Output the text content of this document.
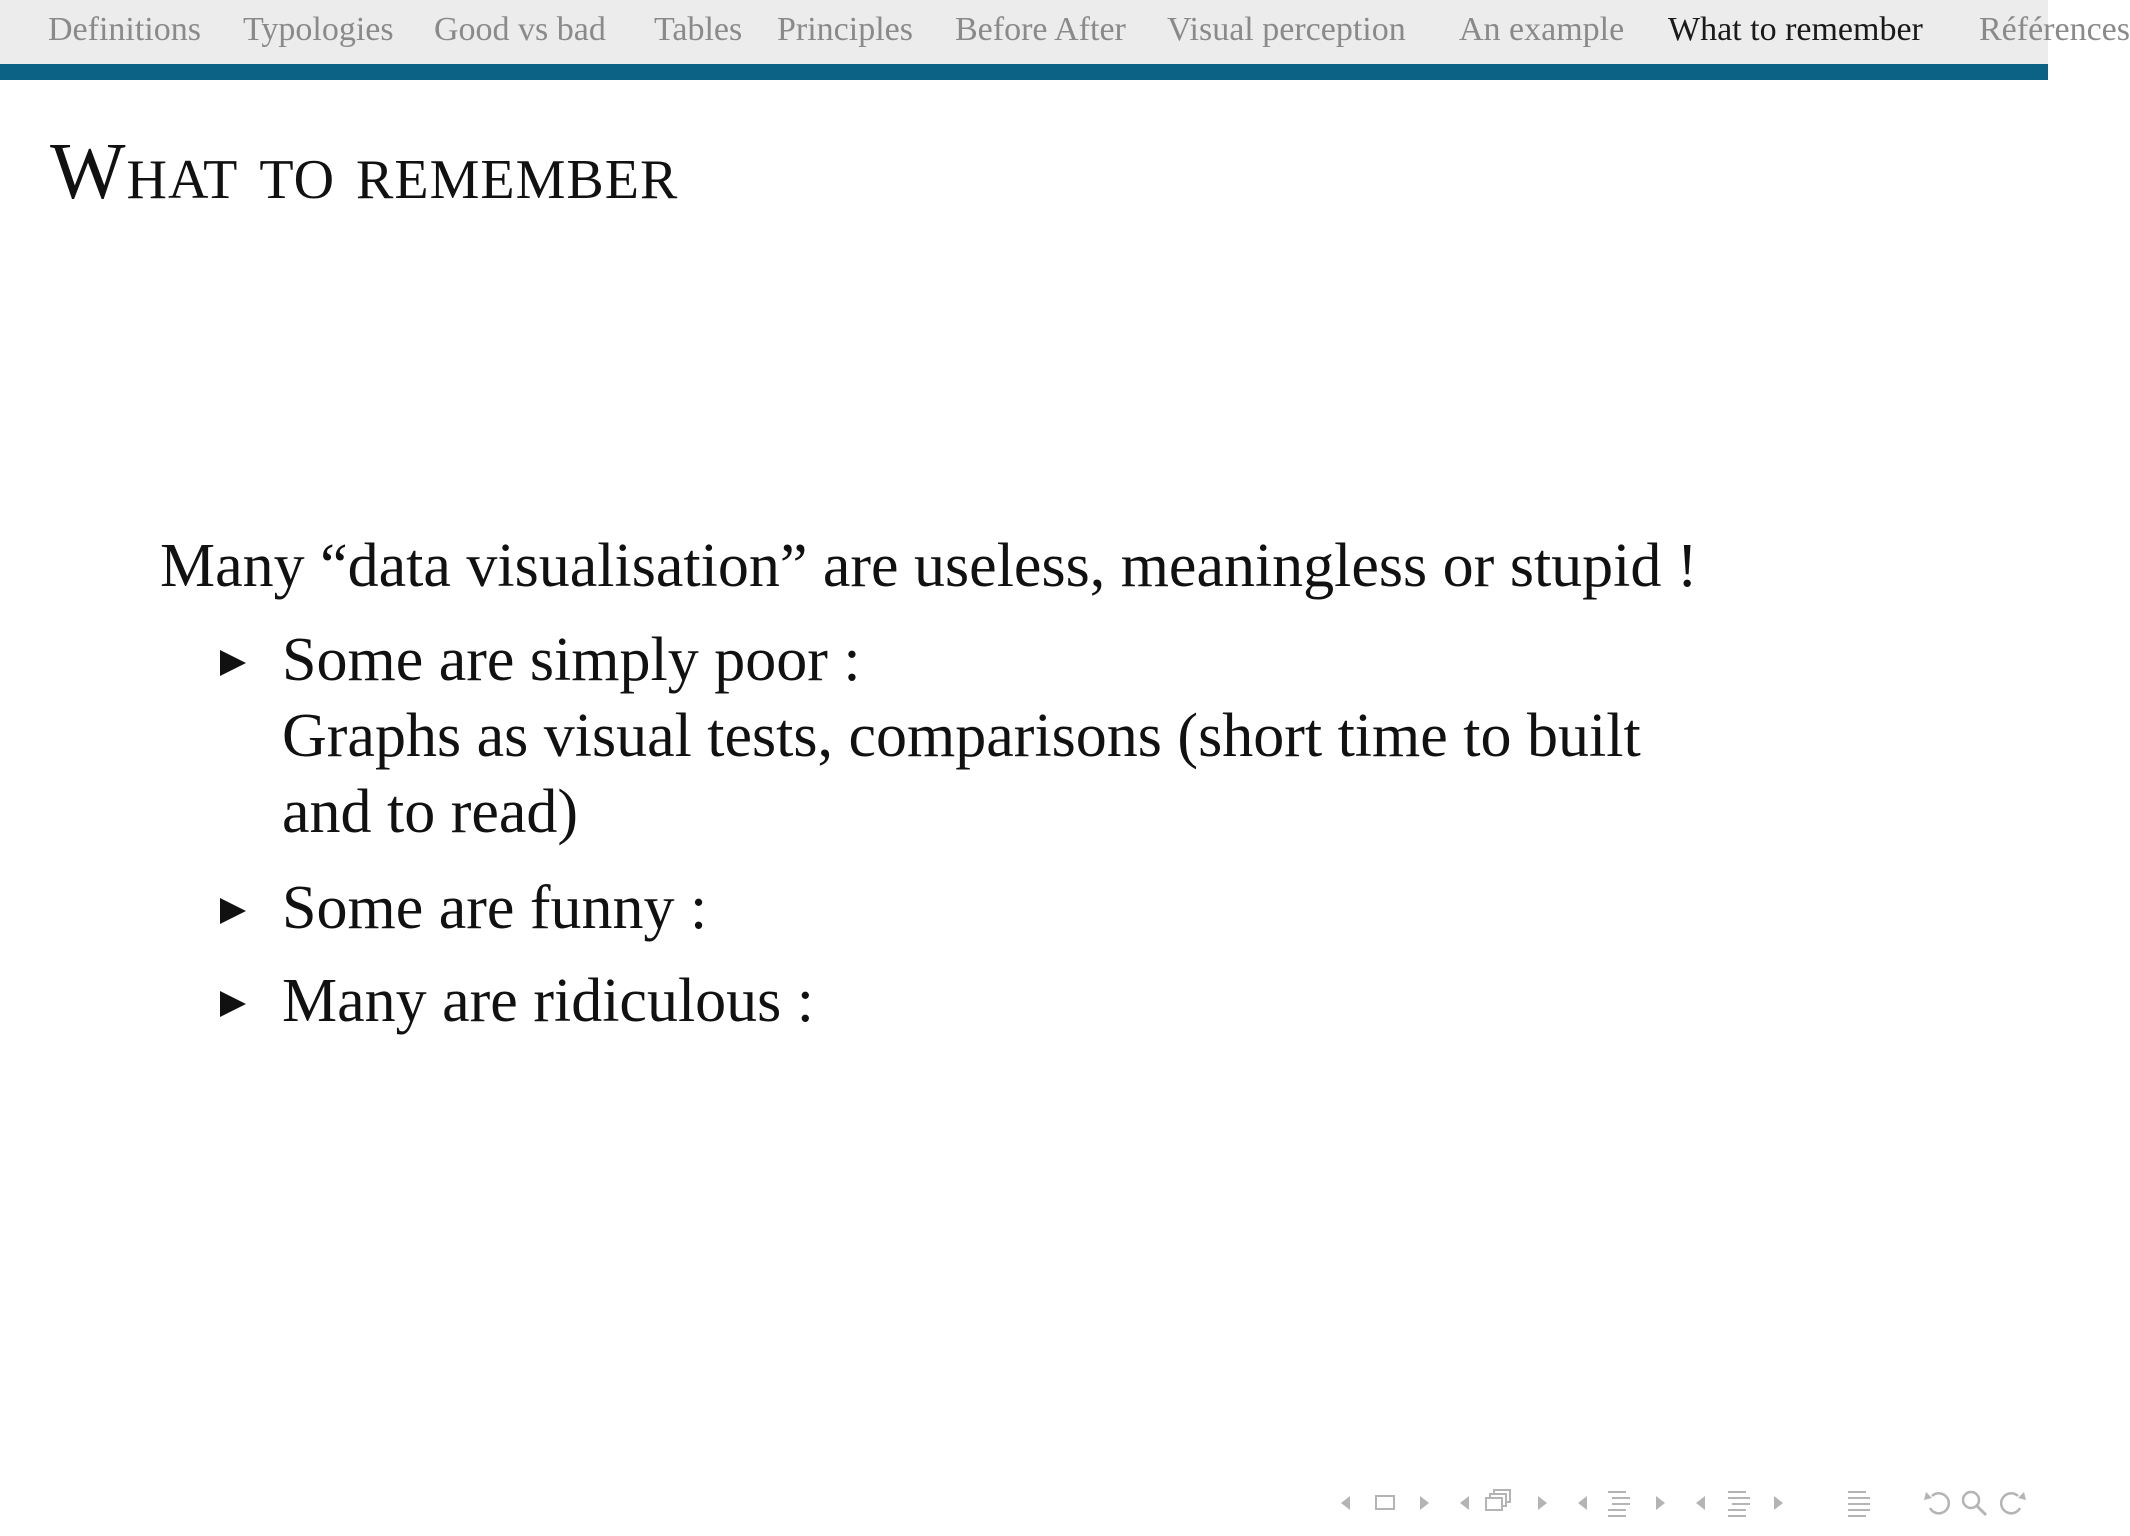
Definitions Typologies Good vs bad Tables Principles Before After Visual perception An example What to remember Références
What to remember
Many “data visualisation” are useless, meaningless or stupid !
Some are simply poor :
Graphs as visual tests, comparisons (short time to built
and to read)
Some are funny :
Many are ridiculous :
